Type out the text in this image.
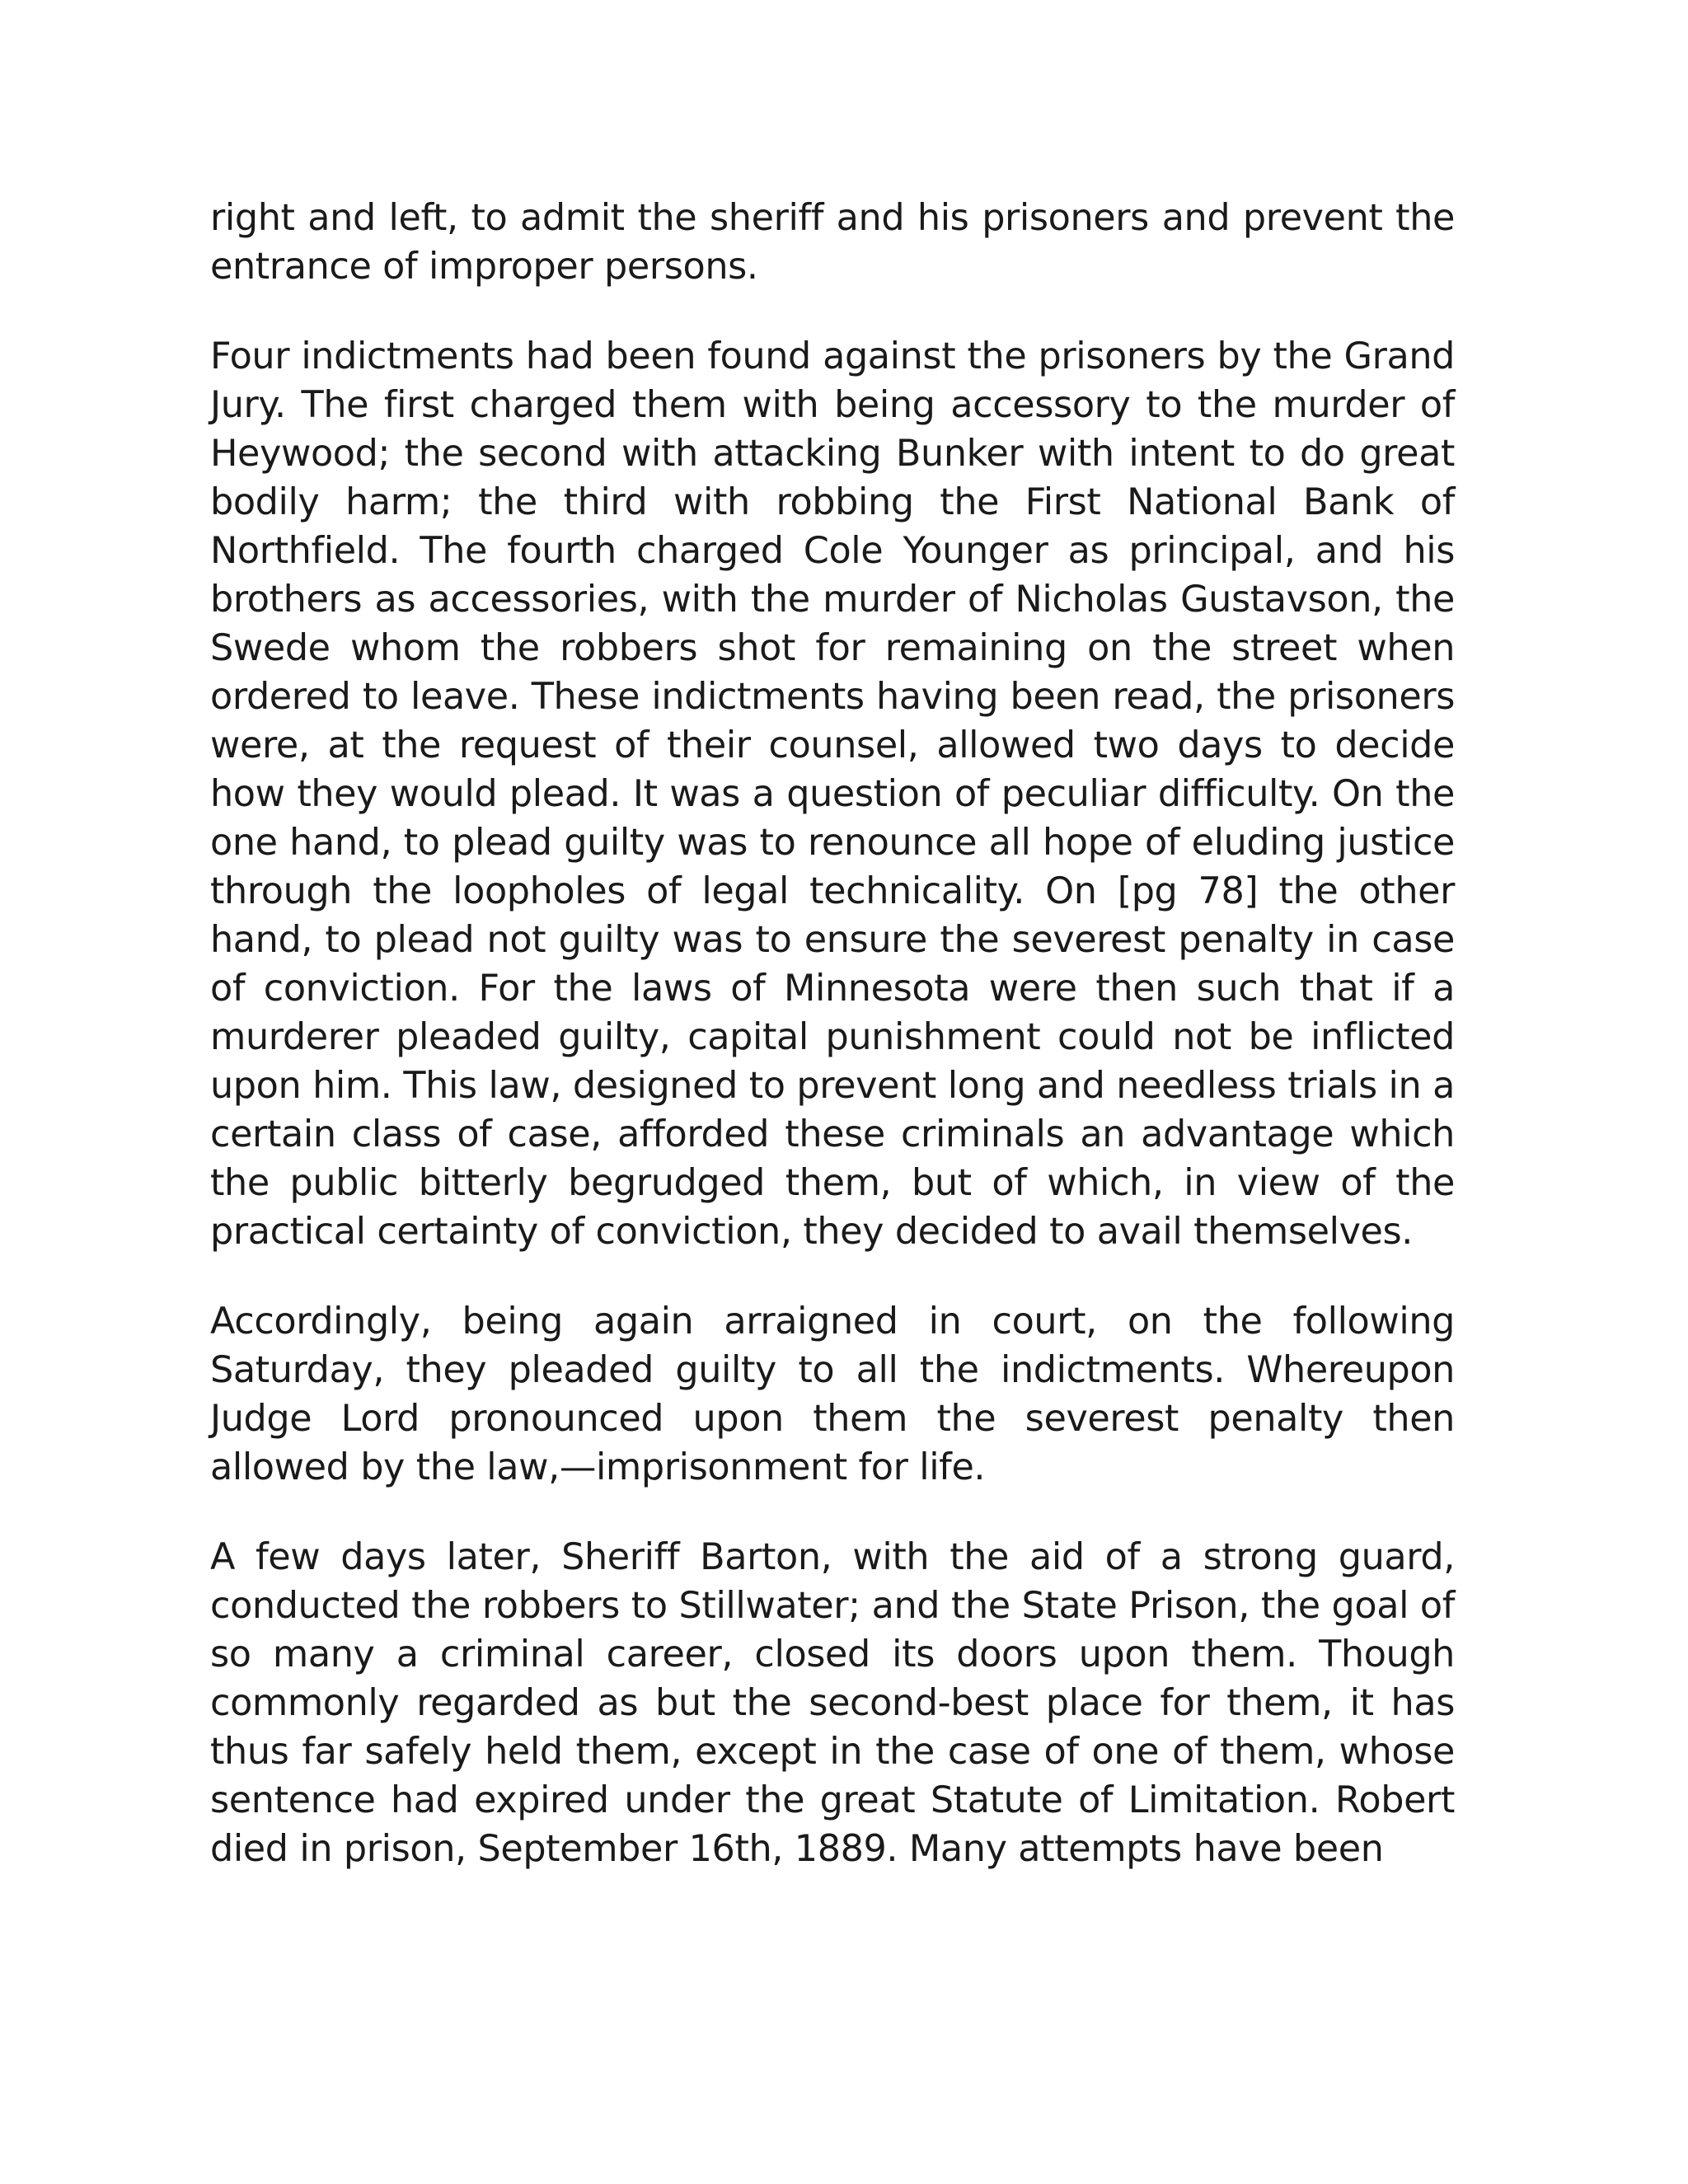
right and left, to admit the sheriff and his prisoners and prevent the entrance of improper persons.

Four indictments had been found against the prisoners by the Grand Jury. The first charged them with being accessory to the murder of Heywood; the second with attacking Bunker with intent to do great bodily harm; the third with robbing the First National Bank of Northfield. The fourth charged Cole Younger as principal, and his brothers as accessories, with the murder of Nicholas Gustavson, the Swede whom the robbers shot for remaining on the street when ordered to leave. These indictments having been read, the prisoners were, at the request of their counsel, allowed two days to decide how they would plead. It was a question of peculiar difficulty. On the one hand, to plead guilty was to renounce all hope of eluding justice through the loopholes of legal technicality. On [pg 78] the other hand, to plead not guilty was to ensure the severest penalty in case of conviction. For the laws of Minnesota were then such that if a murderer pleaded guilty, capital punishment could not be inflicted upon him. This law, designed to prevent long and needless trials in a certain class of case, afforded these criminals an advantage which the public bitterly begrudged them, but of which, in view of the practical certainty of conviction, they decided to avail themselves.

Accordingly, being again arraigned in court, on the following Saturday, they pleaded guilty to all the indictments. Whereupon Judge Lord pronounced upon them the severest penalty then allowed by the law,—imprisonment for life.

A few days later, Sheriff Barton, with the aid of a strong guard, conducted the robbers to Stillwater; and the State Prison, the goal of so many a criminal career, closed its doors upon them. Though commonly regarded as but the second-best place for them, it has thus far safely held them, except in the case of one of them, whose sentence had expired under the great Statute of Limitation. Robert died in prison, September 16th, 1889. Many attempts have been
